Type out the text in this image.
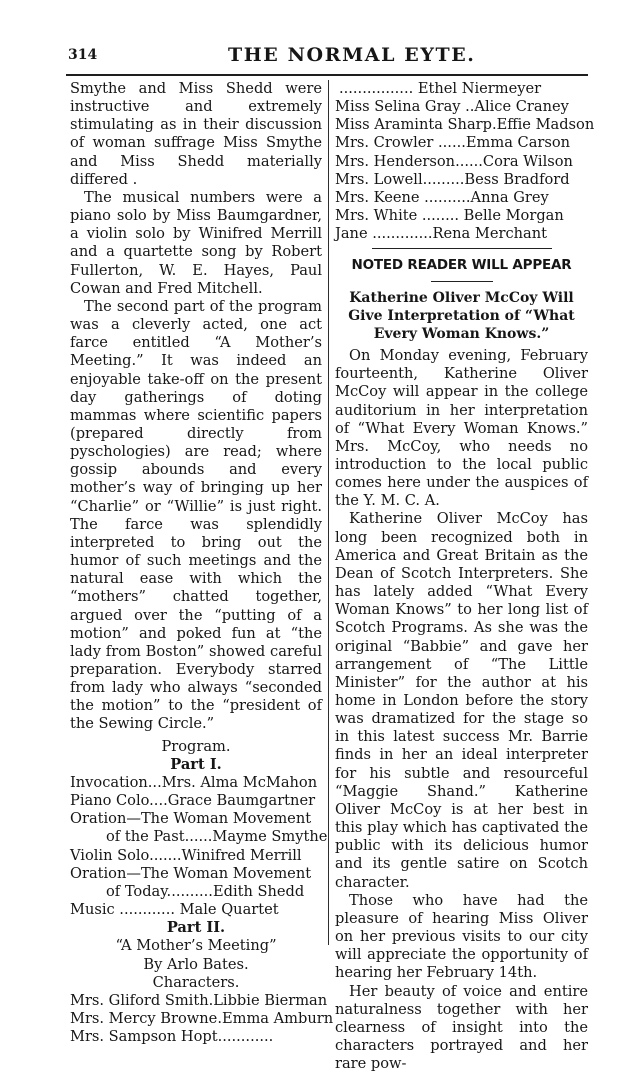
314	THE NORMAL EYTE.

Smythe and Miss Shedd were instructive and extremely stimulating as in their discussion of woman suffrage Miss Smythe and Miss Shedd materially differed .

The musical numbers were a piano solo by Miss Baumgardner, a violin solo by Winifred Merrill and a quartette song by Robert Fullerton, W. E. Hayes, Paul Cowan and Fred Mitchell.

The second part of the program was a cleverly acted, one act farce entitled “A Mother’s Meeting.” It was indeed an enjoyable take-off on the present day gatherings of doting mammas where scientific papers (prepared directly from pyschologies) are read; where gossip abounds and every mother’s way of bringing up her “Charlie” or “Willie” is just right. The farce was splendidly interpreted to bring out the humor of such meetings and the natural ease with which the “mothers” chatted together, argued over the “putting of a motion” and poked fun at “the lady from Boston” showed careful preparation. Everybody starred from lady who always “seconded the motion” to the “president of the Sewing Circle.”

Program.
Part I.
Invocation...Mrs. Alma McMahon
Piano Colo....Grace Baumgartner
Oration—The Woman Movement
of the Past......Mayme Smythe
Violin Solo.......Winifred Merrill
Oration—The Woman Movement
of Today..........Edith Shedd
Music ............ Male Quartet
Part II.
“A Mother’s Meeting”
By Arlo Bates.
Characters.
Mrs. Gliford Smith.Libbie Bierman
Mrs. Mercy Browne.Emma Amburn
Mrs. Sampson Hopt............
................ Ethel Niermeyer
Miss Selina Gray ..Alice Craney
Miss Araminta Sharp.Effie Madson
Mrs. Crowler ......Emma Carson
Mrs. Henderson......Cora Wilson
Mrs. Lowell.........Bess Bradford
Mrs. Keene ..........Anna Grey
Mrs. White ........ Belle Morgan
Jane .............Rena Merchant
NOTED READER WILL APPEAR
Katherine Oliver McCoy Will Give Interpretation of “What Every Woman Knows.”

On Monday evening, February fourteenth, Katherine Oliver McCoy will appear in the college auditorium in her interpretation of “What Every Woman Knows.” Mrs. McCoy, who needs no introduction to the local public comes here under the auspices of the Y. M. C. A.

Katherine Oliver McCoy has long been recognized both in America and Great Britain as the Dean of Scotch Interpreters. She has lately added “What Every Woman Knows” to her long list of Scotch Programs. As she was the original “Babbie” and gave her arrangement of “The Little Minister” for the author at his home in London before the story was dramatized for the stage so in this latest success Mr. Barrie finds in her an ideal interpreter for his subtle and resourceful “Maggie Shand.” Katherine Oliver McCoy is at her best in this play which has captivated the public with its delicious humor and its gentle satire on Scotch character.

Those who have had the pleasure of hearing Miss Oliver on her previous visits to our city will appreciate the opportunity of hearing her February 14th.

Her beauty of voice and entire naturalness together with her clearness of insight into the characters portrayed and her rare pow-
